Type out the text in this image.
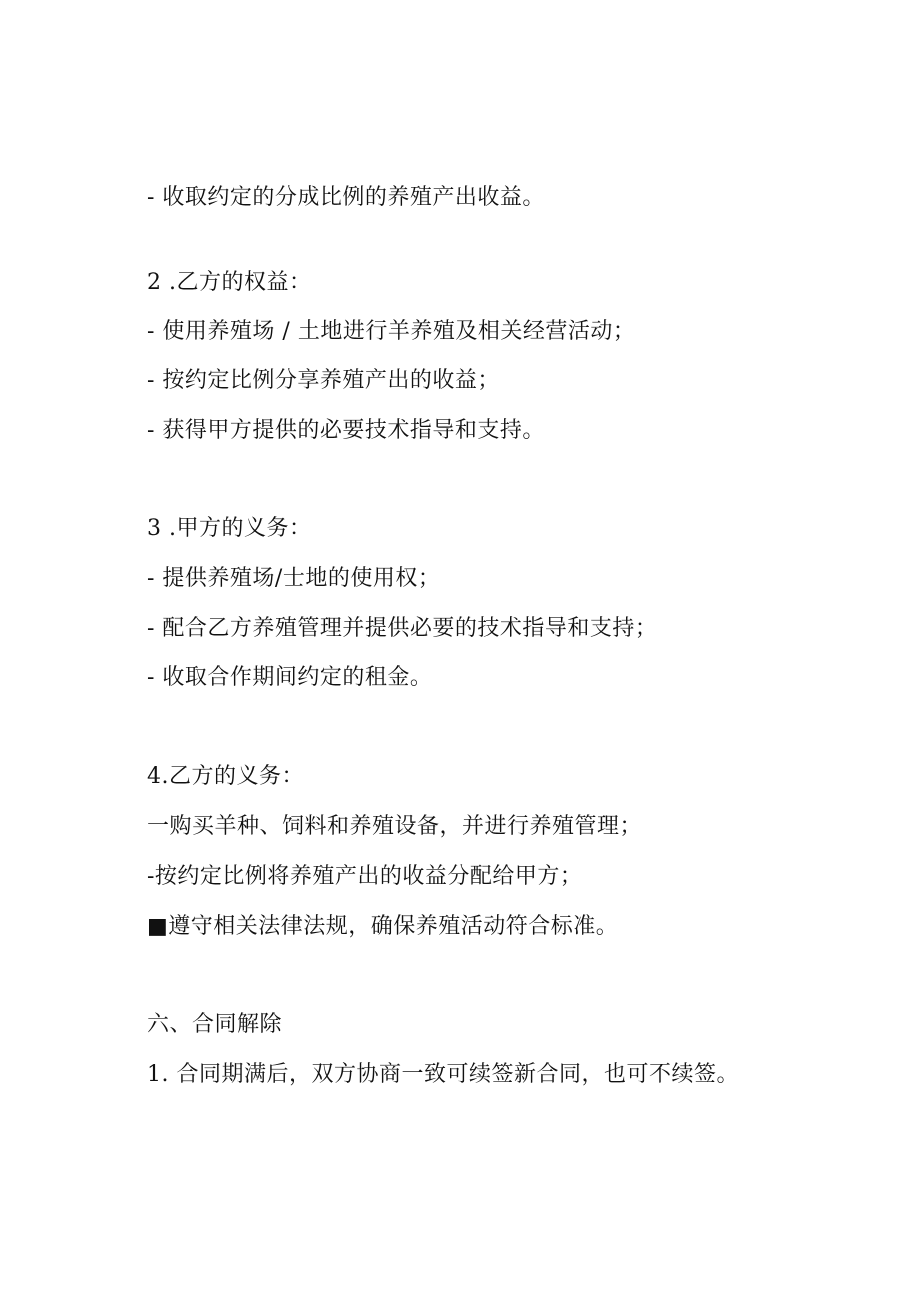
- 收取约定的分成比例的养殖产出收益。
2 .乙方的权益：
- 使用养殖场 / 土地进行羊养殖及相关经营活动；
- 按约定比例分享养殖产出的收益；
- 获得甲方提供的必要技术指导和支持。
3 .甲方的义务：
- 提供养殖场/士地的使用权；
- 配合乙方养殖管理并提供必要的技术指导和支持；
- 收取合作期间约定的租金。
4.乙方的义务：
一购买羊种、饲料和养殖设备，并进行养殖管理；
-按约定比例将养殖产出的收益分配给甲方；
■遵守相关法律法规，确保养殖活动符合标准。
六、合同解除
1. 合同期满后，双方协商一致可续签新合同，也可不续签。
